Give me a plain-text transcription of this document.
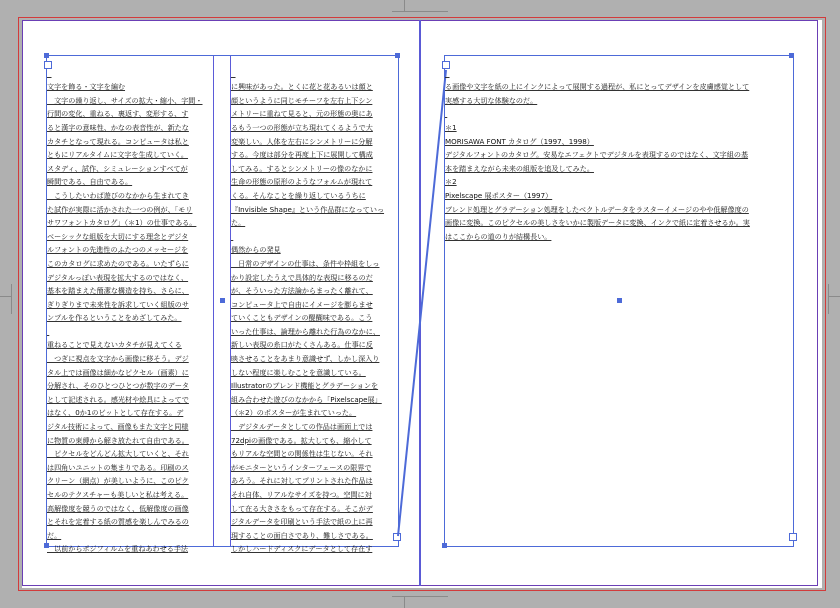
文字を飾る・文字を編む

　文字の繰り返し、サイズの拡大・縮小、字間・

行間の変化、重ねる、裏返す、変形する、す

ると漢字の意味性、かなの表音性が、新たな

カタチとなって現れる。コンピュータは私と

ともにリアルタイムに文字を生成していく。

スタディ、試作、シミュレーションすべてが

瞬間である、自由である。

　こうしたいわば遊びのなかから生まれてき

た試作が実際に活かされた一つの例が、「モリ

サワフォントカタログ」（＊1）の仕事である。

ベーシックな組版を大切にする理念とデジタ

ルフォントの先進性のふたつのメッセージを

このカタログに求めたのである。いたずらに

デジタルっぽい表現を拡大するのではなく、

基本を踏まえた簡潔な構造を持ち、さらに、

ぎりぎりまで未来性を訴求していく組版のサ

ンプルを作るということをめざしてみた。

重ねることで見えないカタチが見えてくる

　つぎに視点を文字から画像に移そう。デジ

タル上では画像は細かなピクセル（画素）に

分解され、そのひとつひとつが数字のデータ

として記述される。感光材や絵具によってで

はなく、0か1のビットとして存在する。デ

ジタル技術によって、画像もまた文字と同様

に物質の束縛から解き放たれて自由である。

　ピクセルをどんどん拡大していくと、それ

は四角いユニットの集まりである。印刷のス

クリーン（網点）が美しいように、このピク

セルのテクスチャーも美しいと私は考える。

高解像度を競うのではなく、低解像度の画像

とそれを定着する紙の質感を楽しんでみるの

だ。

　以前からポジフィルムを重ねあわせる手法

に興味があった。とくに花と花あるいは顔と

顔というように同じモチーフを左右上下シン

メトリーに重ねて見ると、元の形態の奥にあ

るもう一つの形態が立ち現れてくるようで大

変楽しい。人体を左右にシンメトリーに分解

する。今度は部分を再度上下に展開して構成

してみる。するとシンメトリーの像のなかに

生命の形態の原形のようなフォルムが現れて

くる。そんなことを繰り返しているうちに

『Invisible Shape』という作品群になっていっ

た。

偶然からの発見

　日常のデザインの仕事は、条件や枠組をしっ

かり設定したうえで具体的な表現に移るのだ

が、そういった方法論からまったく離れて、

コンピュータ上で自由にイメージを膨らませ

ていくこともデザインの醍醐味である。こう

いった仕事は、論理から離れた行為のなかに、

新しい表現の糸口がたくさんある。仕事に反

映させることをあまり意識せず、しかし深入り

しない程度に楽しむことを意識している。

Illustratorのブレンド機能とグラデーションを

組み合わせた遊びのなかから「Pixelscape展」

（＊2）のポスターが生まれていった。

　デジタルデータとしての作品は画面上では

72dpiの画像である。拡大しても、縮小して

もリアルな空間との関係性は生じない。それ

がモニターというインターフェースの限界で

あろう。それに対してプリントされた作品は

それ自体、リアルなサイズを持つ。空間に対

して在る大きさをもって存在する。そこがデ

ジタルデータを印刷という手法で紙の上に再

現することの面白さであり、難しさである。

しかしハードディスクにデータとして存在す

る画像や文字を紙の上にインクによって展開する過程が、私にとってデザインを皮膚感覚として

実感する大切な体験なのだ。

＊1

MORISAWA FONT カタログ（1997、1998）

デジタルフォントのカタログ。安易なエフェクトでデジタルを表現するのではなく、文字組の基

本を踏まえながら未来の組版を追及してみた。

＊2

Pixelscape 展ポスター（1997）

ブレンド処理とグラデーション処理をしたベクトルデータをラスターイメージのやや低解像度の

画像に変換。このピクセルの美しさをいかに製版データに変換、インクで紙に定着させるか。実

はここからの道のりが結構長い。
